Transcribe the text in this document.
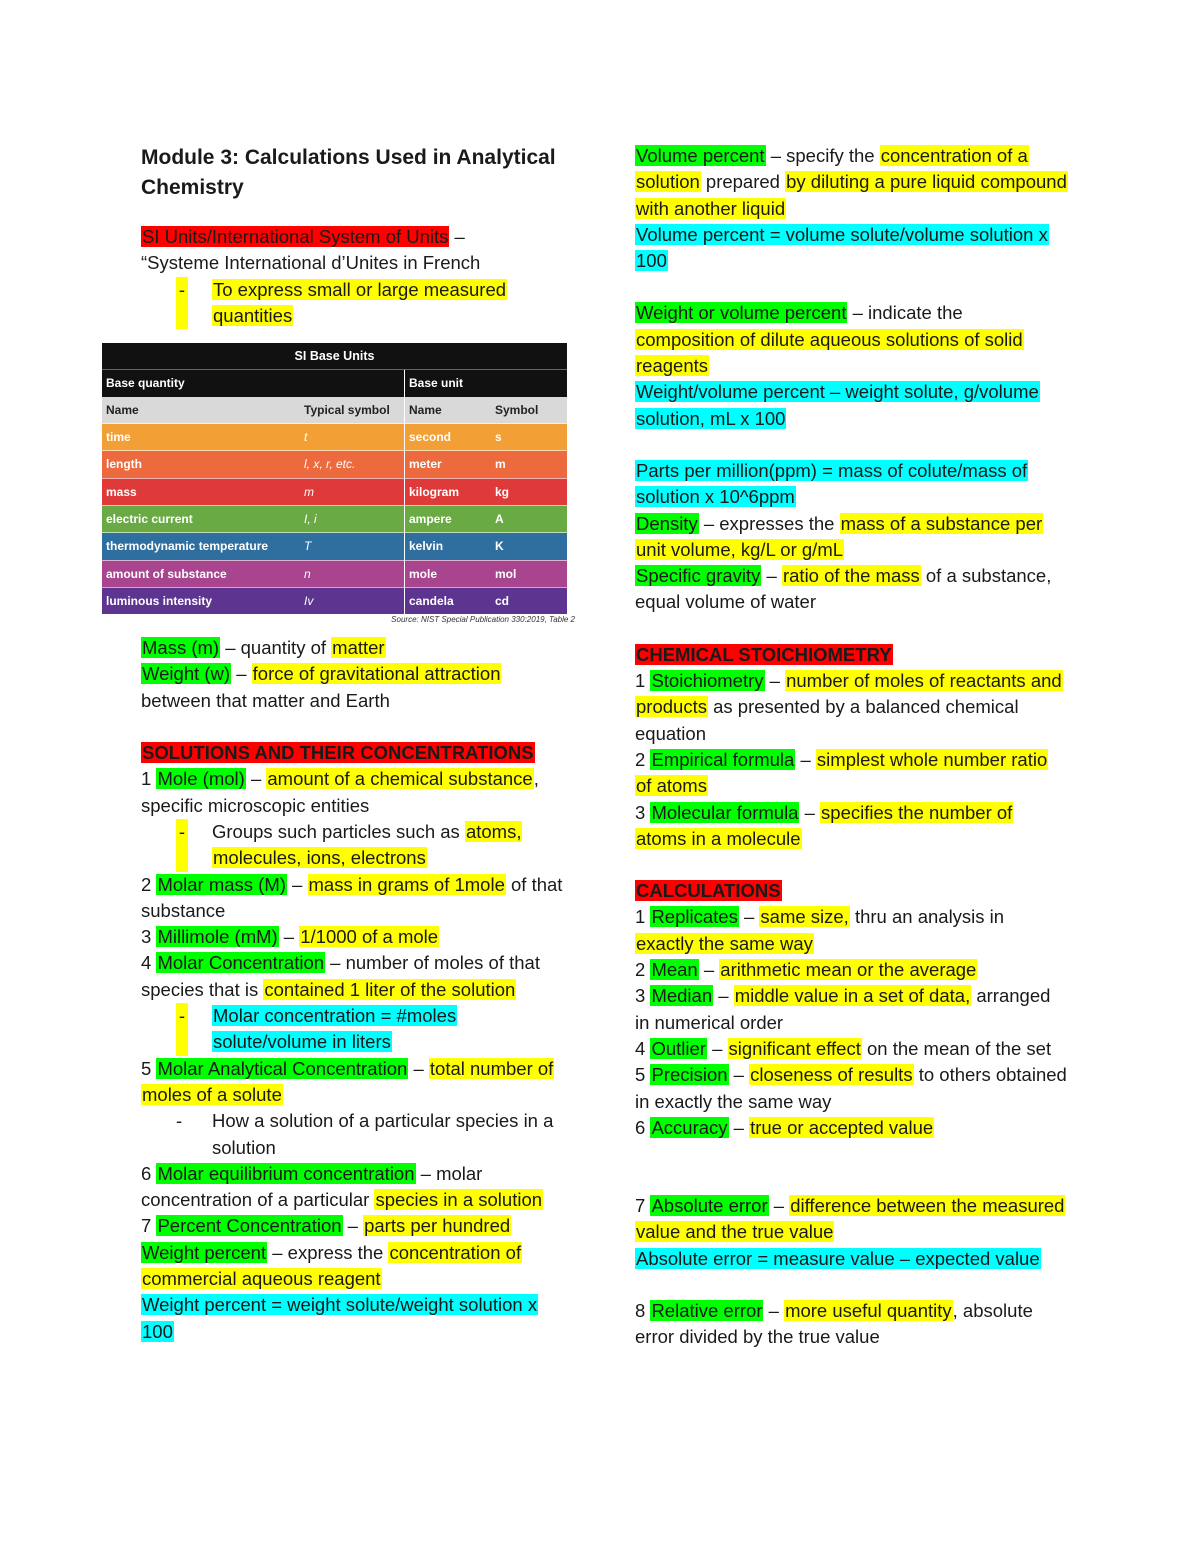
Module 3: Calculations Used in Analytical Chemistry

SI Units/International System of Units –
“Systeme International d’Unites in French

- To express small or large measured quantities
SI Base Units			
Base quantity		Base unit	
Name	Typical symbol	Name	Symbol
time	t	second	s
length	l, x, r, etc.	meter	m
mass	m	kilogram	kg
electric current	I, i	ampere	A
thermodynamic temperature	T	kelvin	K
amount of substance	n	mole	mol
luminous intensity	Iv	candela	cd
Source: NIST Special Publication 330:2019, Table 2

Mass (m) – quantity of matter

Weight (w) – force of gravitational attraction
between that matter and Earth

SOLUTIONS AND THEIR CONCENTRATIONS

1 Mole (mol) – amount of a chemical substance, specific microscopic entities

- Groups such particles such as atoms, molecules, ions, electrons

2 Molar mass (M) – mass in grams of 1mole of that substance

3 Millimole (mM) – 1/1000 of a mole

4 Molar Concentration – number of moles of that species that is contained 1 liter of the solution

- Molar concentration = #moles solute/volume in liters

5 Molar Analytical Concentration – total number of moles of a solute

-	How a solution of a particular species in a solution

6 Molar equilibrium concentration – molar concentration of a particular species in a solution

7 Percent Concentration – parts per hundred

Weight percent – express the concentration of commercial aqueous reagent

Weight percent = weight solute/weight solution x 100

Volume percent – specify the concentration of a solution prepared by diluting a pure liquid compound with another liquid

Volume percent = volume solute/volume solution x 100

Weight or volume percent – indicate the composition of dilute aqueous solutions of solid reagents

Weight/volume percent – weight solute, g/volume solution, mL x 100

Parts per million(ppm) = mass of colute/mass of solution x 10^6ppm

Density – expresses the mass of a substance per unit volume, kg/L or g/mL

Specific gravity – ratio of the mass of a substance, equal volume of water

CHEMICAL STOICHIOMETRY

1 Stoichiometry – number of moles of reactants and products as presented by a balanced chemical equation

2 Empirical formula – simplest whole number ratio of atoms

3 Molecular formula – specifies the number of atoms in a molecule

CALCULATIONS

1 Replicates – same size, thru an analysis in exactly the same way

2 Mean – arithmetic mean or the average

3 Median – middle value in a set of data, arranged in numerical order

4 Outlier – significant effect on the mean of the set

5 Precision – closeness of results to others obtained in exactly the same way

6 Accuracy – true or accepted value

7 Absolute error – difference between the measured value and the true value

Absolute error = measure value – expected value

8 Relative error – more useful quantity, absolute error divided by the true value
